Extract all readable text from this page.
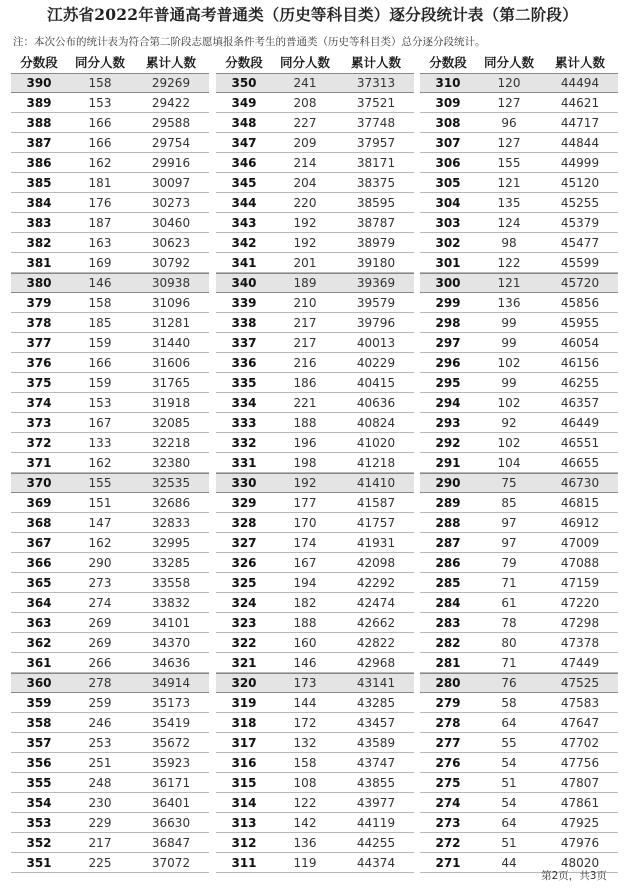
江苏省2022年普通高考普通类（历史等科目类）逐分段统计表（第二阶段）
注：本次公布的统计表为符合第二阶段志愿填报条件考生的普通类（历史等科目类）总分逐分段统计。
分数段	同分人数	累计人数
390	158	29269
389	153	29422
388	166	29588
387	166	29754
386	162	29916
385	181	30097
384	176	30273
383	187	30460
382	163	30623
381	169	30792
380	146	30938
379	158	31096
378	185	31281
377	159	31440
376	166	31606
375	159	31765
374	153	31918
373	167	32085
372	133	32218
371	162	32380
370	155	32535
369	151	32686
368	147	32833
367	162	32995
366	290	33285
365	273	33558
364	274	33832
363	269	34101
362	269	34370
361	266	34636
360	278	34914
359	259	35173
358	246	35419
357	253	35672
356	251	35923
355	248	36171
354	230	36401
353	229	36630
352	217	36847
351	225	37072
分数段	同分人数	累计人数
350	241	37313
349	208	37521
348	227	37748
347	209	37957
346	214	38171
345	204	38375
344	220	38595
343	192	38787
342	192	38979
341	201	39180
340	189	39369
339	210	39579
338	217	39796
337	217	40013
336	216	40229
335	186	40415
334	221	40636
333	188	40824
332	196	41020
331	198	41218
330	192	41410
329	177	41587
328	170	41757
327	174	41931
326	167	42098
325	194	42292
324	182	42474
323	188	42662
322	160	42822
321	146	42968
320	173	43141
319	144	43285
318	172	43457
317	132	43589
316	158	43747
315	108	43855
314	122	43977
313	142	44119
312	136	44255
311	119	44374
分数段	同分人数	累计人数
310	120	44494
309	127	44621
308	96	44717
307	127	44844
306	155	44999
305	121	45120
304	135	45255
303	124	45379
302	98	45477
301	122	45599
300	121	45720
299	136	45856
298	99	45955
297	99	46054
296	102	46156
295	99	46255
294	102	46357
293	92	46449
292	102	46551
291	104	46655
290	75	46730
289	85	46815
288	97	46912
287	97	47009
286	79	47088
285	71	47159
284	61	47220
283	78	47298
282	80	47378
281	71	47449
280	76	47525
279	58	47583
278	64	47647
277	55	47702
276	54	47756
275	51	47807
274	54	47861
273	64	47925
272	51	47976
271	44	48020
第2页，共3页
